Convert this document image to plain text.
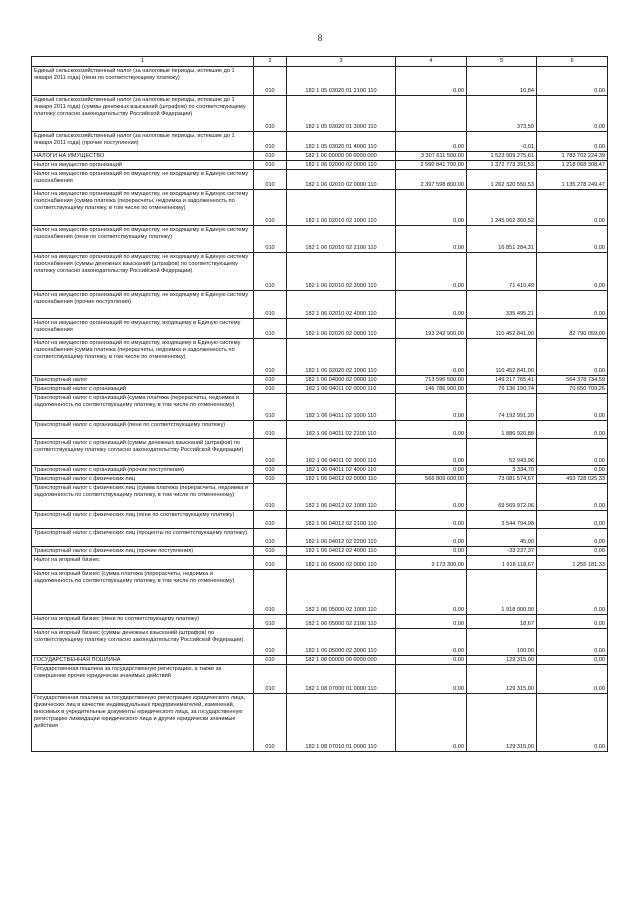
8
1	2	3	4	5	6
Единый сельскохозяйственный налог (за налоговые периоды, истекшие до 1 января 2011 года) (пени по соответствующему платежу)	010	182 1 05 03020 01 2100 110	0,00	16,84	0,00
Единый сельскохозяйственный налог (за налоговые периоды, истекшие до 1 января 2011 года) (суммы денежных взысканий (штрафов) по соответствующему платежу согласно законодательству Российской Федерации)	010	182 1 05 03020 01 3000 110		373,50	0,00
Единый сельскохозяйственный налог (за налоговые периоды, истекшие до 1 января 2011 года) (прочие поступления)	010	182 1 05 03020 01 4000 110	0,00	-0,01	0,00
НАЛОГИ НА ИМУЩЕСТВО	010	182 1 06 00000 00 0000 000	3 307 611 500,00	1 523 909 275,61	1 783 702 224,39
Налог на имущество организаций	010	182 1 06 02000 02 0000 110	2 590 841 700,00	1 372 773 391,53	1 218 068 308,47
Налог на имущество организаций по имуществу, не входящему в Единую систему газоснабжения	010	182 1 06 02010 02 0000 110	2 397 598 800,00	1 262 320 550,53	1 135 278 249,47
Налог на имущество организаций по имуществу, не входящему в Единую систему газоснабжения (сумма платежа (перерасчеты, недоимка и задолженность по соответствующему платежу, в том числе по отмененному)	010	182 1 06 02010 02 1000 110	0,00	1 245 062 360,52	0,00
Налог на имущество организаций по имуществу, не входящему в Единую систему газоснабжения (пени по соответствующему платежу)	010	182 1 06 02010 02 2100 110	0,00	16 851 284,31	0,00
Налог на имущество организаций по имуществу, не входящему в Единую систему газоснабжения (суммы денежных взысканий (штрафов) по соответствующему платежу согласно законодательству Российской Федерации)	010	182 1 06 02010 02 3000 110	0,00	71 410,49	0,00
Налог на имущество организаций по имуществу, не входящему в Единую систему газоснабжения (прочие поступления)	010	182 1 06 02010 02 4000 110	0,00	335 495,21	0,00
Налог на имущество организаций по имуществу, входящему в Единую систему газоснабжения	010	182 1 06 02020 02 0000 110	193 242 900,00	110 452 841,00	82 790 059,00
Налог на имущество организаций по имуществу, входящему в Единую систему газоснабжения (сумма платежа (перерасчеты, недоимка и задолженность по соответствующему платежу, в том числе по отмененному)	010	182 1 06 02020 02 1000 110	0,00	110 452 841,00	0,00
Транспортный налог	010	182 1 06 04000 02 0000 110	713 596 500,00	149 217 765,41	564 378 734,59
Транспортный налог с организаций	010	182 1 06 04011 02 0000 110	146 786 900,00	76 136 190,74	70 650 709,26
Транспортный налог с организаций (сумма платежа (перерасчеты, недоимка и задолженность по соответствующему платежу, в том числе по отмененному)	010	182 1 06 04011 02 1000 110	0,00	74 192 991,20	0,00
Транспортный налог с организаций (пени по соответствующему платежу)	010	182 1 06 04011 02 2100 110	0,00	1 886 920,88	0,00
Транспортный налог с организаций (суммы денежных взысканий (штрафов) по соответствующему платежу согласно законодательству Российской Федерации)	010	182 1 06 04011 02 3000 110	0,00	52 943,96	0,00
Транспортный налог с организаций (прочие поступления)	010	182 1 06 04011 02 4000 110	0,00	3 334,70	0,00
Транспортный налог с физических лиц	010	182 1 06 04012 02 0000 110	566 809 600,00	73 081 574,67	493 728 025,33
Транспортный налог с физических лиц (сумма платежа (перерасчеты, недоимка и задолженность по соответствующему платежу, в том числе по отмененному)	010	182 1 06 04012 02 1000 110	0,00	69 569 972,06	0,00
Транспортный налог с физических лиц (пени по соответствующему платежу)	010	182 1 06 04012 02 2100 110	0,00	3 544 794,98	0,00
Транспортный налог с физических лиц (проценты по соответствующему платежу)	010	182 1 06 04012 02 2200 110	0,00	45,00	0,00
Транспортный налог с физических лиц (прочие поступления)	010	182 1 06 04012 02 4000 110	0,00	-33 237,37	0,00
Налог на игорный бизнес	010	182 1 06 05000 02 0000 110	3 173 300,00	1 918 118,67	1 255 181,33
Налог на игорный бизнес (сумма платежа (перерасчеты, недоимка и задолженность по соответствующему платежу, в том числе по отмененному)	010	182 1 06 05000 02 1000 110	0,00	1 918 000,00	0,00
Налог на игорный бизнес (пени по соответствующему платежу)	010	182 1 06 05000 02 2100 110	0,00	18,67	0,00
Налог на игорный бизнес (суммы денежных взысканий (штрафов) по соответствующему платежу согласно законодательству Российской Федерации)	010	182 1 06 05000 02 3000 110	0,00	100,00	0,00
ГОСУДАРСТВЕННАЯ ПОШЛИНА	010	182 1 08 00000 00 0000 000	0,00	129 315,00	0,00
Государственная пошлина за государственную регистрацию, а также за совершение прочих юридически значимых действий	010	182 1 08 07000 01 0000 110	0,00	129 315,00	0,00
Государственная пошлина за государственную регистрацию юридического лица, физических лиц в качестве индивидуальных предпринимателей, изменений, вносимых в учредительные документы юридического лица, за государственную регистрацию ликвидации юридического лица и другие юридически значимые действия	010	182 1 08 07010 01 0000 110	0,00	129 315,00	0,00
